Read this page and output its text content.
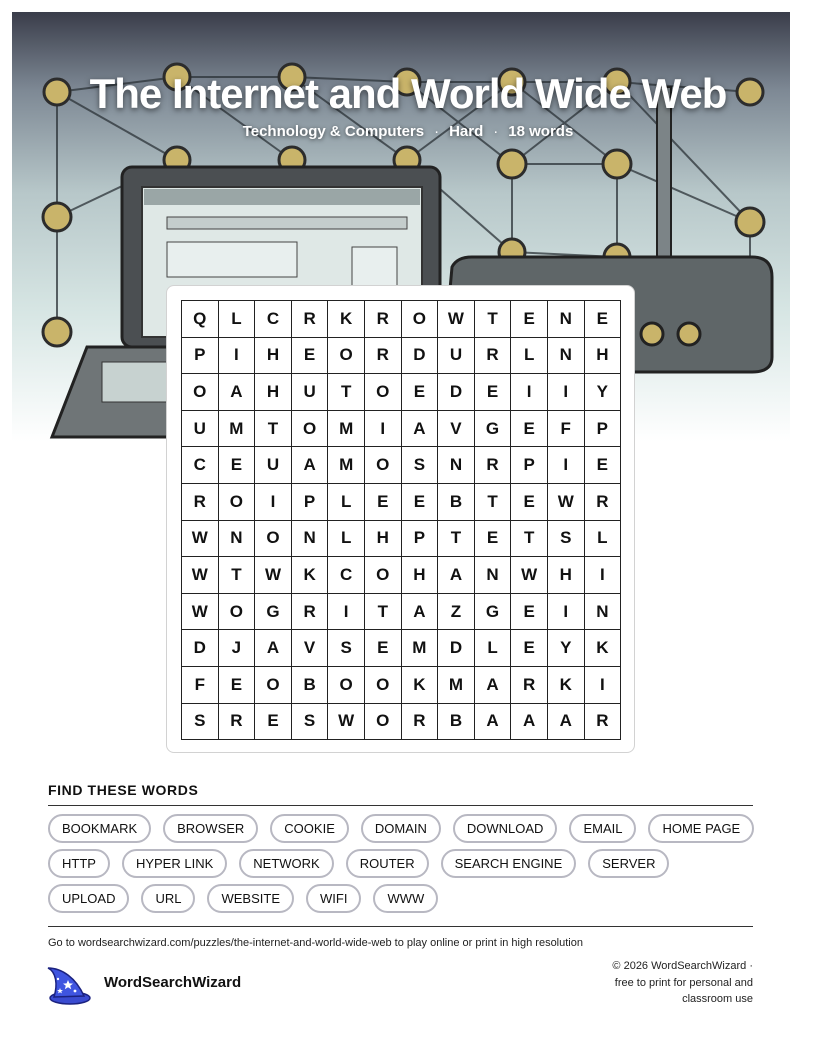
The Internet and World Wide Web
Technology & Computers · Hard · 18 words
Q	L	C	R	K	R	O	W	T	E	N	E
P	I	H	E	O	R	D	U	R	L	N	H
O	A	H	U	T	O	E	D	E	I	I	Y
U	M	T	O	M	I	A	V	G	E	F	P
C	E	U	A	M	O	S	N	R	P	I	E
R	O	I	P	L	E	E	B	T	E	W	R
W	N	O	N	L	H	P	T	E	T	S	L
W	T	W	K	C	O	H	A	N	W	H	I
W	O	G	R	I	T	A	Z	G	E	I	N
D	J	A	V	S	E	M	D	L	E	Y	K
F	E	O	B	O	O	K	M	A	R	K	I
S	R	E	S	W	O	R	B	A	A	A	R
FIND THESE WORDS
BOOKMARK	BROWSER	COOKIE	DOMAIN	DOWNLOAD	EMAIL	HOME PAGE
HTTP	HYPER LINK	NETWORK	ROUTER	SEARCH ENGINE	SERVER
UPLOAD	URL	WEBSITE	WIFI	WWW
Go to wordsearchwizard.com/puzzles/the-internet-and-world-wide-web to play online or print in high resolution
WordSearchWizard
© 2026 WordSearchWizard ·
free to print for personal and
classroom use
